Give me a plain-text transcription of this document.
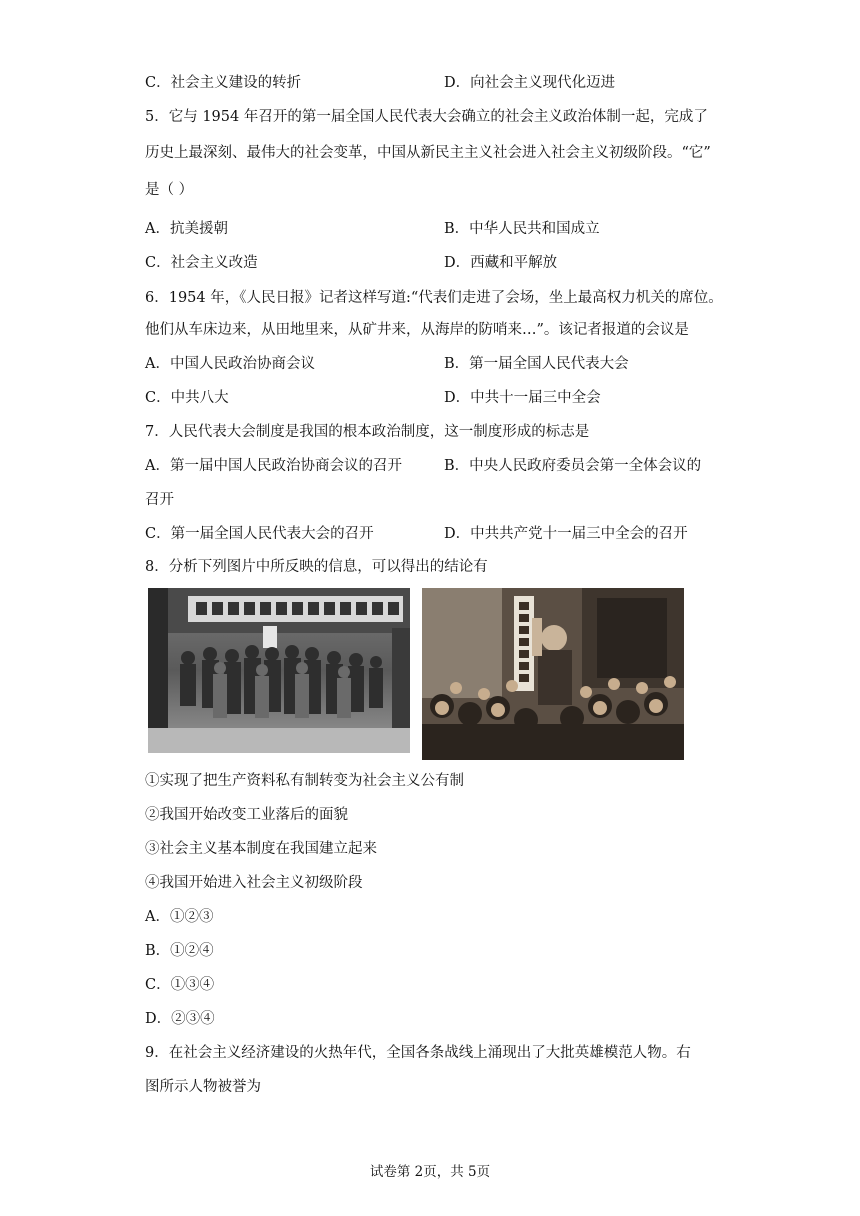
C．社会主义建设的转折	D．向社会主义现代化迈进
5．它与 1954 年召开的第一届全国人民代表大会确立的社会主义政治体制一起，完成了
历史上最深刻、最伟大的社会变革，中国从新民主主义社会进入社会主义初级阶段。“它”
是（ ）
A．抗美援朝	B．中华人民共和国成立
C．社会主义改造	D．西藏和平解放
6．1954 年，《人民日报》记者这样写道:“代表们走进了会场，坐上最高权力机关的席位。
他们从车床边来，从田地里来，从矿井来，从海岸的防哨来…”。该记者报道的会议是
A．中国人民政治协商会议	B．第一届全国人民代表大会
C．中共八大	D．中共十一届三中全会
7．人民代表大会制度是我国的根本政治制度，这一制度形成的标志是
A．第一届中国人民政治协商会议的召开	B．中央人民政府委员会第一全体会议的
召开
C．第一届全国人民代表大会的召开	D．中共共产党十一届三中全会的召开
8．分析下列图片中所反映的信息，可以得出的结论有
①实现了把生产资料私有制转变为社会主义公有制
②我国开始改变工业落后的面貌
③社会主义基本制度在我国建立起来
④我国开始进入社会主义初级阶段
A．①②③
B．①②④
C．①③④
D．②③④
9．在社会主义经济建设的火热年代，全国各条战线上涌现出了大批英雄模范人物。右
图所示人物被誉为
试卷第 2页，共 5页
